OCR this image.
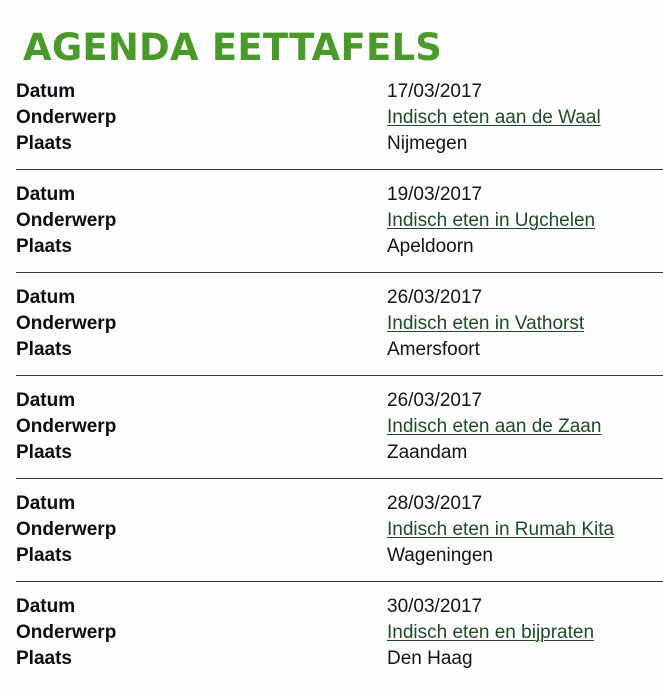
AGENDA EETTAFELS
Datum	17/03/2017
Onderwerp	Indisch eten aan de Waal
Plaats	Nijmegen
Datum	19/03/2017
Onderwerp	Indisch eten in Ugchelen
Plaats	Apeldoorn
Datum	26/03/2017
Onderwerp	Indisch eten in Vathorst
Plaats	Amersfoort
Datum	26/03/2017
Onderwerp	Indisch eten aan de Zaan
Plaats	Zaandam
Datum	28/03/2017
Onderwerp	Indisch eten in Rumah Kita
Plaats	Wageningen
Datum	30/03/2017
Onderwerp	Indisch eten en bijpraten
Plaats	Den Haag
